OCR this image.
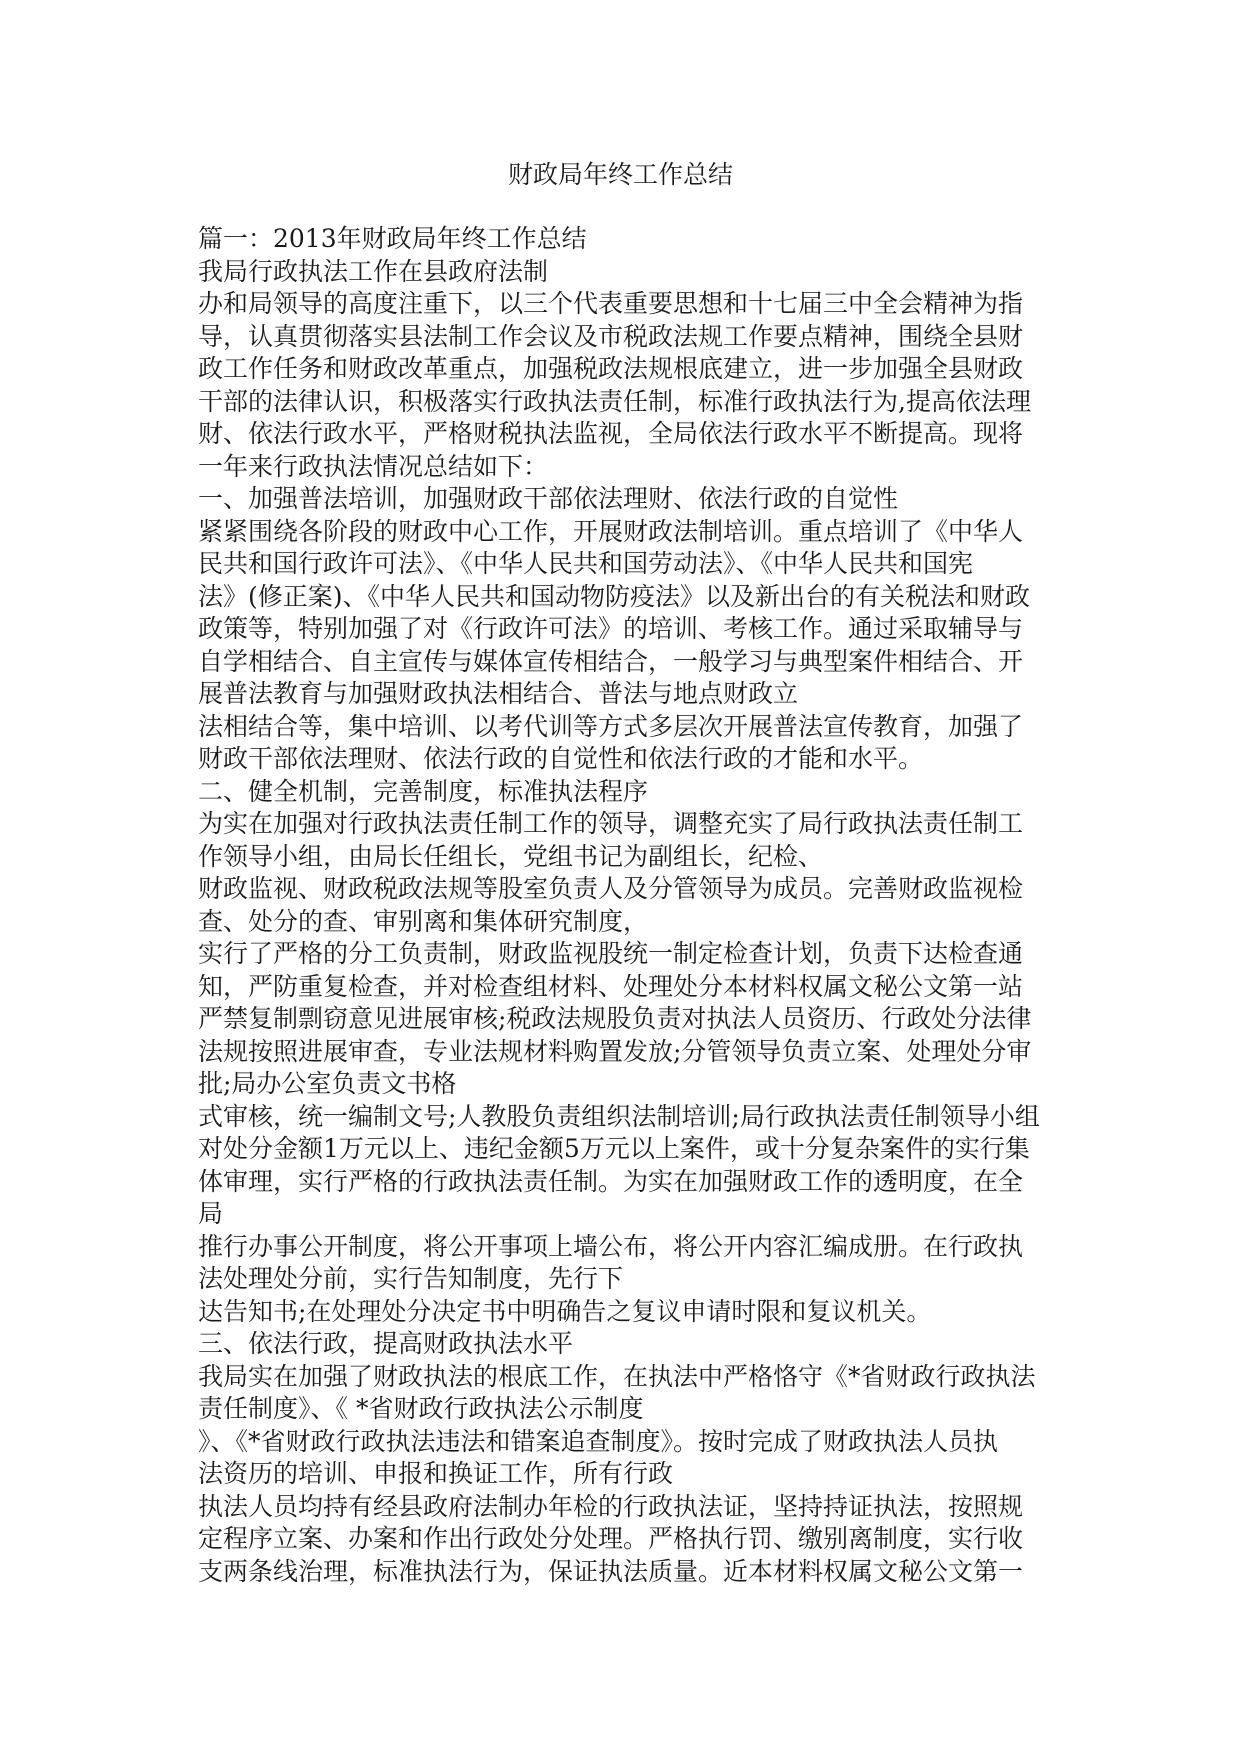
财政局年终工作总结
篇一：2013年财政局年终工作总结
我局行政执法工作在县政府法制
办和局领导的高度注重下，以三个代表重要思想和十七届三中全会精神为指
导，认真贯彻落实县法制工作会议及市税政法规工作要点精神，围绕全县财
政工作任务和财政改革重点，加强税政法规根底建立，进一步加强全县财政
干部的法律认识，积极落实行政执法责任制，标准行政执法行为,提高依法理
财、依法行政水平，严格财税执法监视，全局依法行政水平不断提高。现将
一年来行政执法情况总结如下：
一、加强普法培训，加强财政干部依法理财、依法行政的自觉性
紧紧围绕各阶段的财政中心工作，开展财政法制培训。重点培训了《中华人
民共和国行政许可法》、《中华人民共和国劳动法》、《中华人民共和国宪
法》(修正案)、《中华人民共和国动物防疫法》以及新出台的有关税法和财政
政策等，特别加强了对《行政许可法》的培训、考核工作。通过采取辅导与
自学相结合、自主宣传与媒体宣传相结合，一般学习与典型案件相结合、开
展普法教育与加强财政执法相结合、普法与地点财政立
法相结合等，集中培训、以考代训等方式多层次开展普法宣传教育，加强了
财政干部依法理财、依法行政的自觉性和依法行政的才能和水平。
二、健全机制，完善制度，标准执法程序
为实在加强对行政执法责任制工作的领导，调整充实了局行政执法责任制工
作领导小组，由局长任组长，党组书记为副组长，纪检、
财政监视、财政税政法规等股室负责人及分管领导为成员。完善财政监视检
查、处分的查、审别离和集体研究制度，
实行了严格的分工负责制，财政监视股统一制定检查计划，负责下达检查通
知，严防重复检查，并对检查组材料、处理处分本材料权属文秘公文第一站
严禁复制剽窃意见进展审核;税政法规股负责对执法人员资历、行政处分法律
法规按照进展审查，专业法规材料购置发放;分管领导负责立案、处理处分审
批;局办公室负责文书格
式审核，统一编制文号;人教股负责组织法制培训;局行政执法责任制领导小组
对处分金额1万元以上、违纪金额5万元以上案件，或十分复杂案件的实行集
体审理，实行严格的行政执法责任制。为实在加强财政工作的透明度，在全
局
推行办事公开制度，将公开事项上墙公布，将公开内容汇编成册。在行政执
法处理处分前，实行告知制度，先行下
达告知书;在处理处分决定书中明确告之复议申请时限和复议机关。
三、依法行政，提高财政执法水平
我局实在加强了财政执法的根底工作，在执法中严格恪守《*省财政行政执法
责任制度》、《 *省财政行政执法公示制度
》、《*省财政行政执法违法和错案追查制度》。按时完成了财政执法人员执
法资历的培训、申报和换证工作，所有行政
执法人员均持有经县政府法制办年检的行政执法证，坚持持证执法，按照规
定程序立案、办案和作出行政处分处理。严格执行罚、缴别离制度，实行收
支两条线治理，标准执法行为，保证执法质量。近本材料权属文秘公文第一
